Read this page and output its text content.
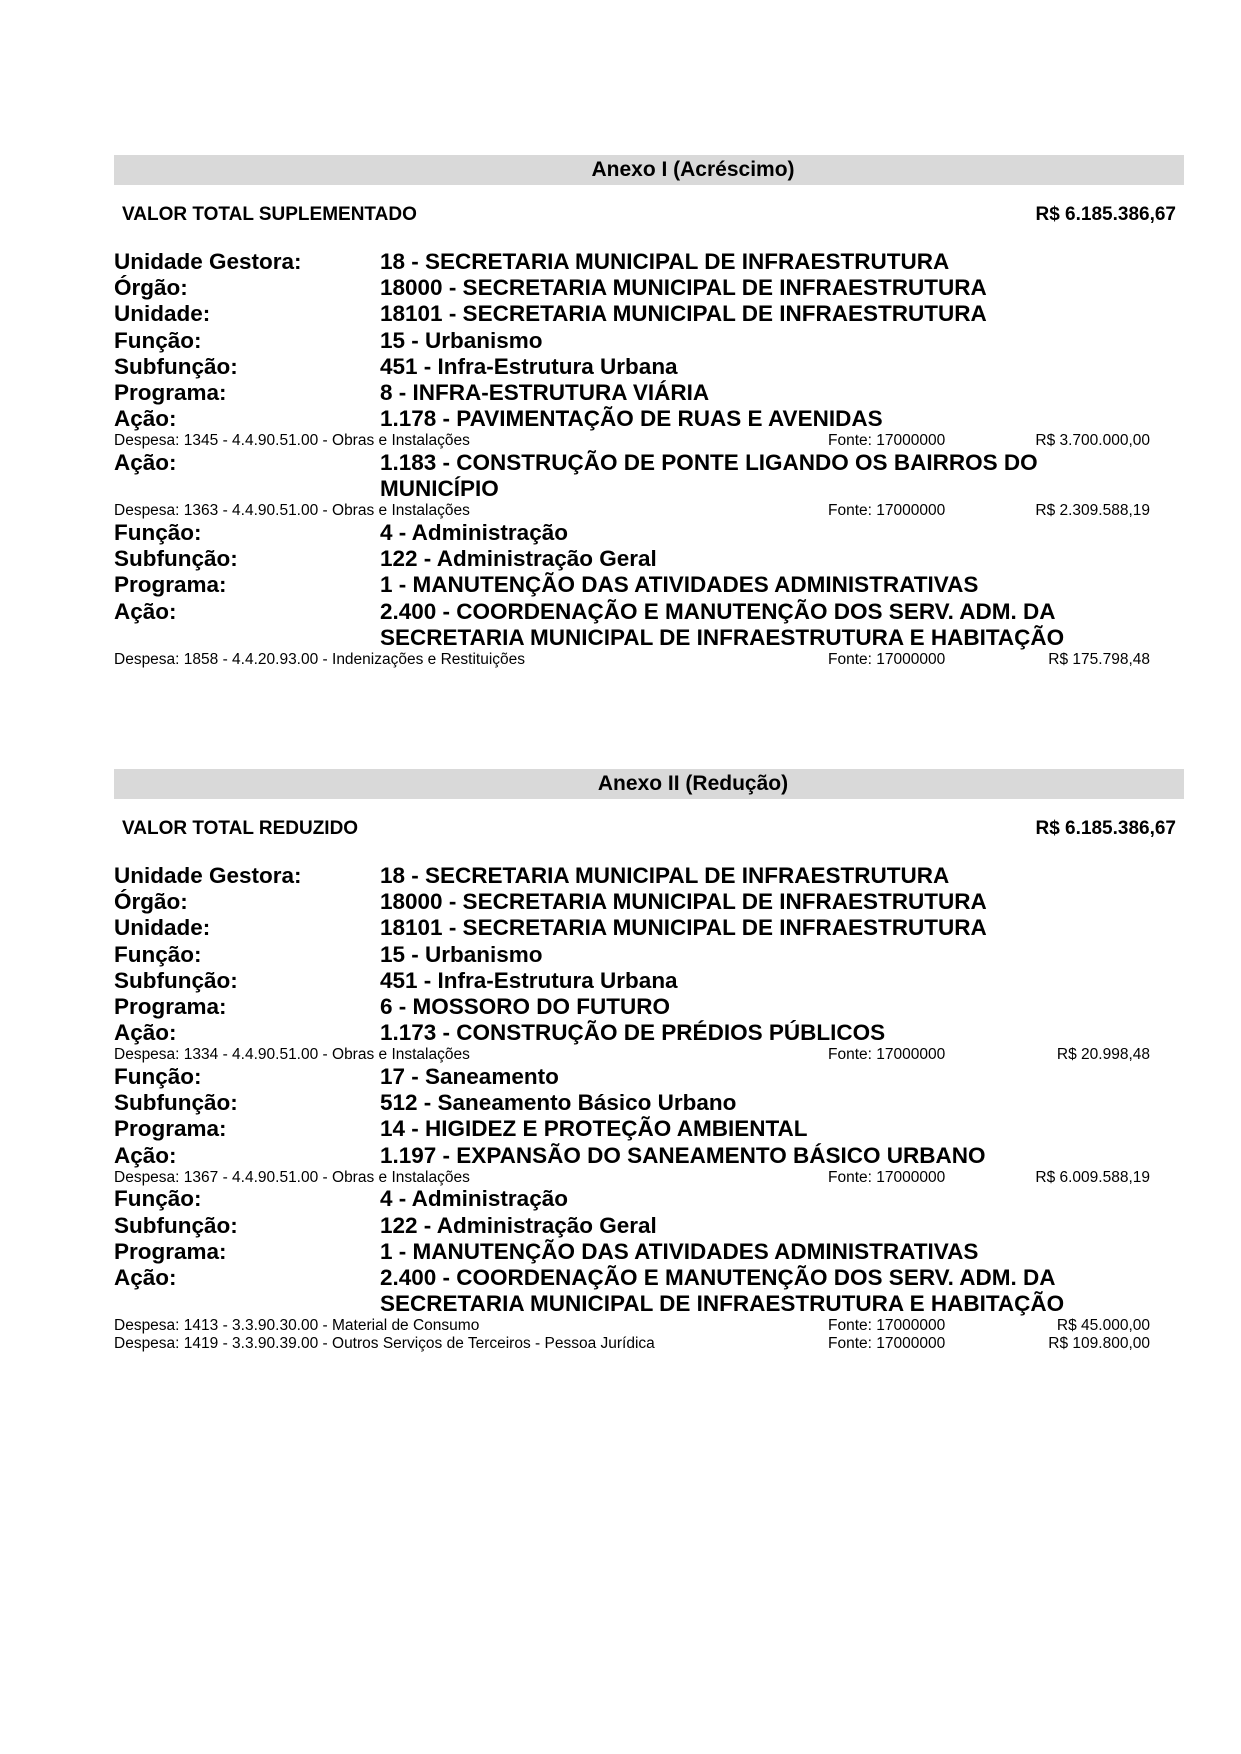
Anexo I (Acréscimo)
VALOR TOTAL SUPLEMENTADO	R$ 6.185.386,67
Unidade Gestora:	18 - SECRETARIA MUNICIPAL DE INFRAESTRUTURA
Órgão:	18000 - SECRETARIA MUNICIPAL DE INFRAESTRUTURA
Unidade:	18101 - SECRETARIA MUNICIPAL DE INFRAESTRUTURA
Função:	15 - Urbanismo
Subfunção:	451 - Infra-Estrutura Urbana
Programa:	8 - INFRA-ESTRUTURA VIÁRIA
Ação:	1.178 - PAVIMENTAÇÃO DE RUAS E AVENIDAS
Despesa: 1345 - 4.4.90.51.00 - Obras e Instalações	Fonte: 17000000	R$ 3.700.000,00
Ação:	1.183 - CONSTRUÇÃO DE PONTE LIGANDO OS BAIRROS DO MUNICÍPIO
Despesa: 1363 - 4.4.90.51.00 - Obras e Instalações	Fonte: 17000000	R$ 2.309.588,19
Função:	4 - Administração
Subfunção:	122 - Administração Geral
Programa:	1 - MANUTENÇÃO DAS ATIVIDADES ADMINISTRATIVAS
Ação:	2.400 - COORDENAÇÃO E MANUTENÇÃO DOS SERV. ADM. DA SECRETARIA MUNICIPAL DE INFRAESTRUTURA E HABITAÇÃO
Despesa: 1858 - 4.4.20.93.00 - Indenizações e Restituições	Fonte: 17000000	R$ 175.798,48
Anexo II (Redução)
VALOR TOTAL REDUZIDO	R$ 6.185.386,67
Unidade Gestora:	18 - SECRETARIA MUNICIPAL DE INFRAESTRUTURA
Órgão:	18000 - SECRETARIA MUNICIPAL DE INFRAESTRUTURA
Unidade:	18101 - SECRETARIA MUNICIPAL DE INFRAESTRUTURA
Função:	15 - Urbanismo
Subfunção:	451 - Infra-Estrutura Urbana
Programa:	6 - MOSSORO DO FUTURO
Ação:	1.173 - CONSTRUÇÃO DE PRÉDIOS PÚBLICOS
Despesa: 1334 - 4.4.90.51.00 - Obras e Instalações	Fonte: 17000000	R$ 20.998,48
Função:	17 - Saneamento
Subfunção:	512 - Saneamento Básico Urbano
Programa:	14 - HIGIDEZ E PROTEÇÃO AMBIENTAL
Ação:	1.197 - EXPANSÃO DO SANEAMENTO BÁSICO URBANO
Despesa: 1367 - 4.4.90.51.00 - Obras e Instalações	Fonte: 17000000	R$ 6.009.588,19
Função:	4 - Administração
Subfunção:	122 - Administração Geral
Programa:	1 - MANUTENÇÃO DAS ATIVIDADES ADMINISTRATIVAS
Ação:	2.400 - COORDENAÇÃO E MANUTENÇÃO DOS SERV. ADM. DA SECRETARIA MUNICIPAL DE INFRAESTRUTURA E HABITAÇÃO
Despesa: 1413 - 3.3.90.30.00 - Material de Consumo	Fonte: 17000000	R$ 45.000,00
Despesa: 1419 - 3.3.90.39.00 - Outros Serviços de Terceiros - Pessoa Jurídica	Fonte: 17000000	R$ 109.800,00
